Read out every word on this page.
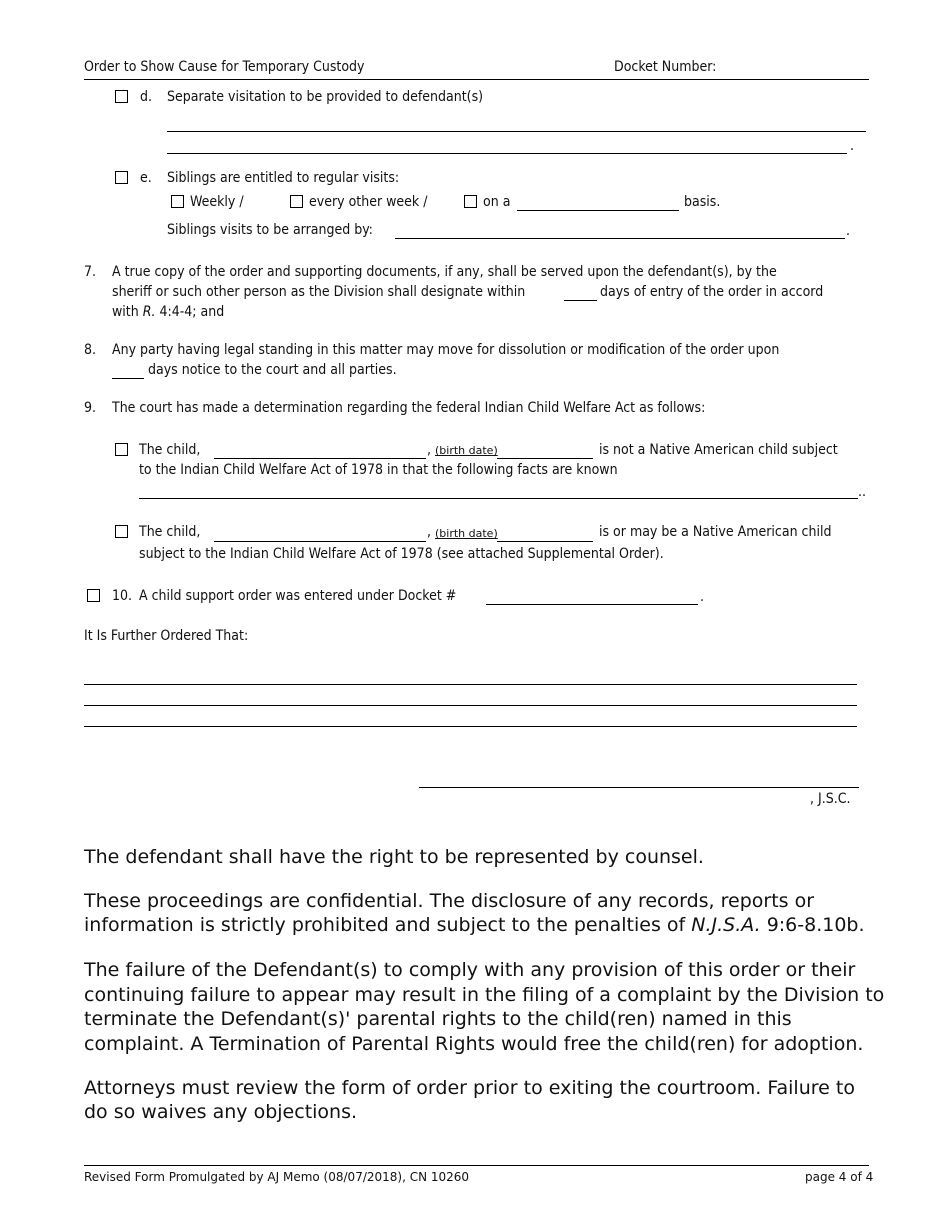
Order to Show Cause for Temporary Custody	Docket Number:
d. Separate visitation to be provided to defendant(s)
.
e. Siblings are entitled to regular visits:
Weekly /	every other week /	on a	basis.
Siblings visits to be arranged by:	.
7. A true copy of the order and supporting documents, if any, shall be served upon the defendant(s), by the
sheriff or such other person as the Division shall designate within	days of entry of the order in accord
with R. 4:4-4; and
8. Any party having legal standing in this matter may move for dissolution or modification of the order upon
days notice to the court and all parties.
9. The court has made a determination regarding the federal Indian Child Welfare Act as follows:
The child,	, (birth date)	is not a Native American child subject
to the Indian Child Welfare Act of 1978 in that the following facts are known
..
The child,	, (birth date)	is or may be a Native American child
subject to the Indian Child Welfare Act of 1978 (see attached Supplemental Order).
10. A child support order was entered under Docket #	.
It Is Further Ordered That:
, J.S.C.
The defendant shall have the right to be represented by counsel.
These proceedings are confidential. The disclosure of any records, reports or
information is strictly prohibited and subject to the penalties of N.J.S.A. 9:6-8.10b.
The failure of the Defendant(s) to comply with any provision of this order or their
continuing failure to appear may result in the filing of a complaint by the Division to
terminate the Defendant(s)' parental rights to the child(ren) named in this
complaint. A Termination of Parental Rights would free the child(ren) for adoption.
Attorneys must review the form of order prior to exiting the courtroom. Failure to
do so waives any objections.
Revised Form Promulgated by AJ Memo (08/07/2018), CN 10260	page 4 of 4
